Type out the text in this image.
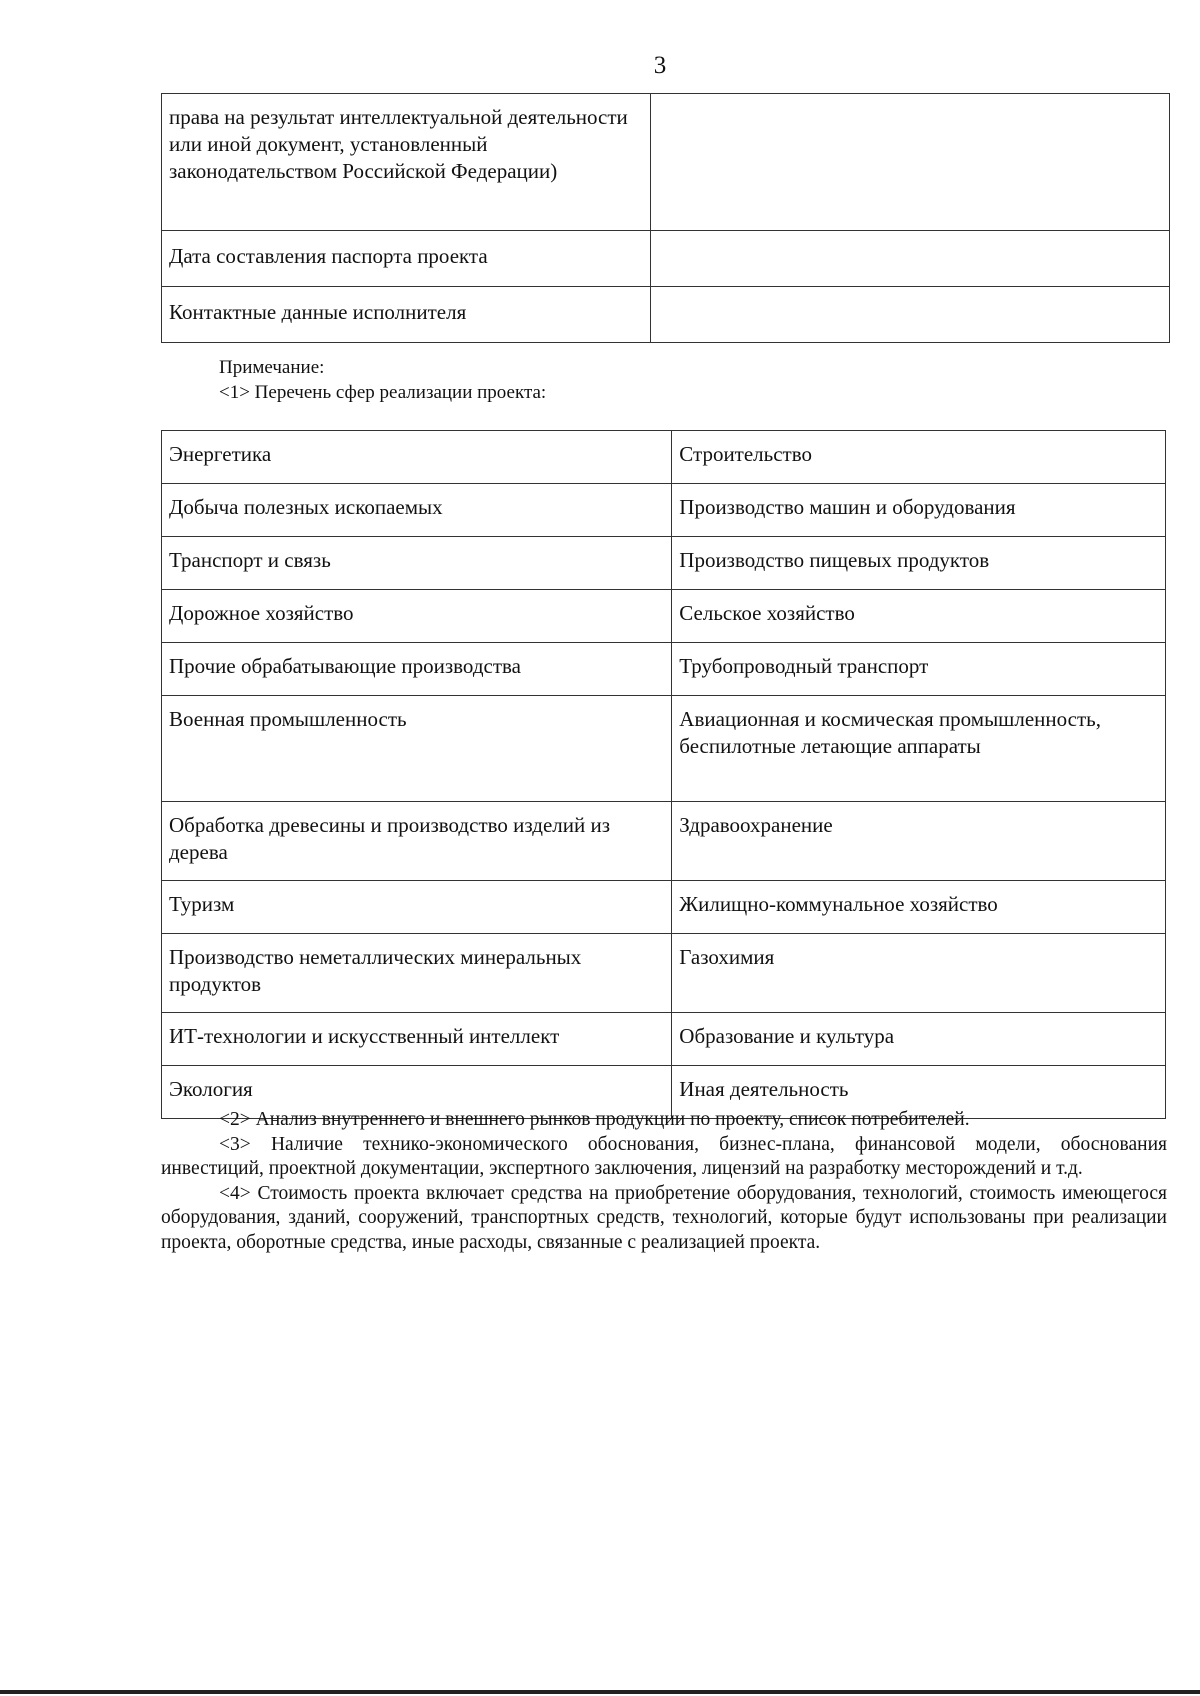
3
права на результат интеллектуальной деятельности или иной документ, установленный законодательством Российской Федерации)	
Дата составления паспорта проекта	
Контактные данные исполнителя	
Примечание:
<1> Перечень сфер реализации проекта:
Энергетика	Строительство
Добыча полезных ископаемых	Производство машин и оборудования
Транспорт и связь	Производство пищевых продуктов
Дорожное хозяйство	Сельское хозяйство
Прочие обрабатывающие производства	Трубопроводный транспорт
Военная промышленность	Авиационная и космическая промышленность, беспилотные летающие аппараты
Обработка древесины и производство изделий из дерева	Здравоохранение
Туризм	Жилищно-коммунальное хозяйство
Производство неметаллических минеральных продуктов	Газохимия
ИТ-технологии и искусственный интеллект	Образование и культура
Экология	Иная деятельность

<2> Анализ внутреннего и внешнего рынков продукции по проекту, список потребителей.

<3> Наличие технико-экономического обоснования, бизнес-плана, финансовой модели, обоснования инвестиций, проектной документации, экспертного заключения, лицензий на разработку месторождений и т.д.

<4> Стоимость проекта включает средства на приобретение оборудования, технологий, стоимость имеющегося оборудования, зданий, сооружений, транспортных средств, технологий, которые будут использованы при реализации проекта, оборотные средства, иные расходы, связанные с реализацией проекта.
